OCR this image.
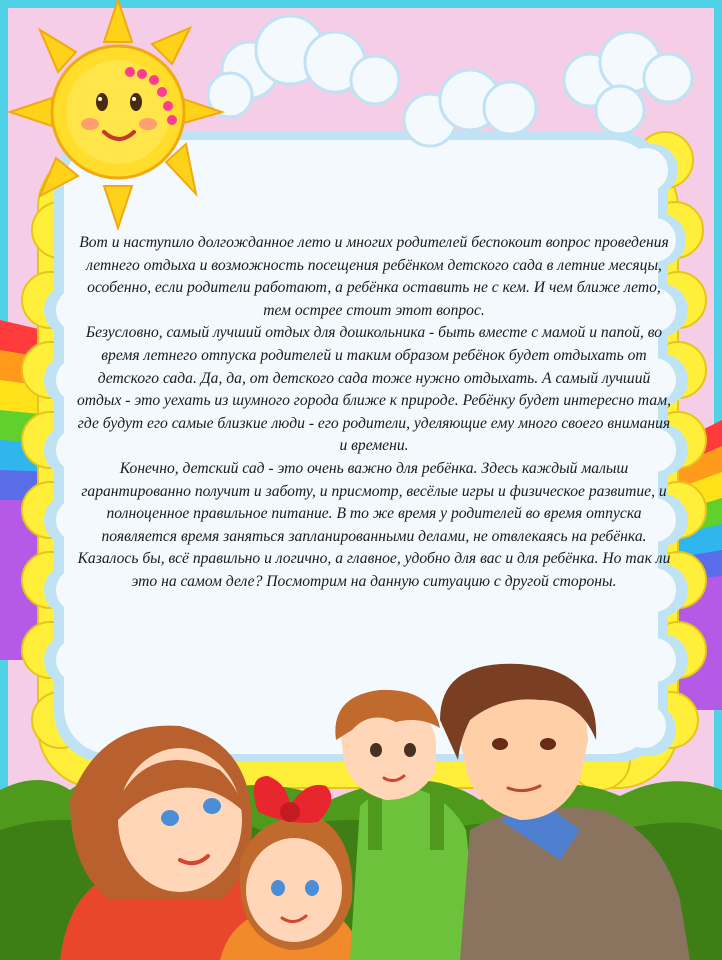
Вот и наступило долгожданное лето и многих родителей беспокоит вопрос проведения летнего отдыха и возможность посещения ребёнком детского сада в летние месяцы, особенно, если родители работают, а ребёнка оставить не с кем. И чем ближе лето, тем острее стоит этот вопрос.

Безусловно, самый лучший отдых для дошкольника - быть вместе с мамой и папой, во время летнего отпуска родителей и таким образом ребёнок будет отдыхать от детского сада. Да, да, от детского сада тоже нужно отдыхать. А самый лучший отдых - это уехать из шумного города ближе к природе. Ребёнку будет интересно там, где будут его самые близкие люди - его родители, уделяющие ему много своего внимания и времени.

Конечно, детский сад - это очень важно для ребёнка. Здесь каждый малыш гарантированно получит и заботу, и присмотр, весёлые игры и физическое развитие, и полноценное правильное питание. В то же время у родителей во время отпуска появляется время заняться запланированными делами, не отвлекаясь на ребёнка. Казалось бы, всё правильно и логично, а главное, удобно для вас и для ребёнка. Но так ли это на самом деле? Посмотрим на данную ситуацию с другой стороны.
